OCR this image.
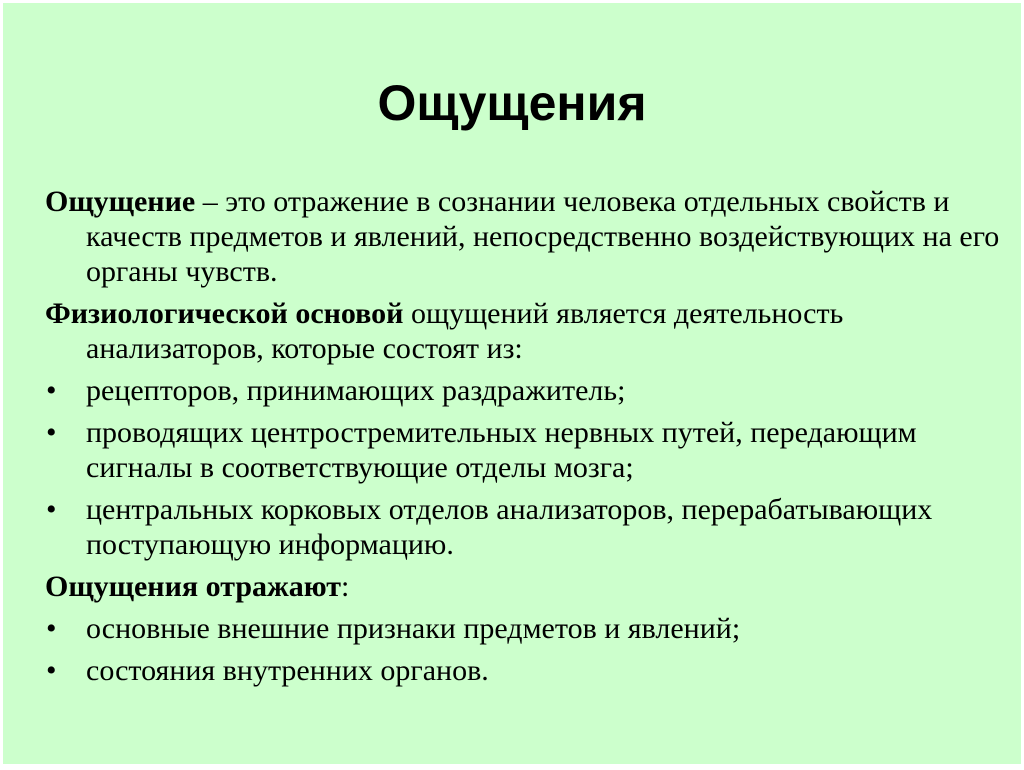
Ощущения

Ощущение – это отражение в сознании человека отдельных свойств и качеств предметов и явлений, непосредственно воздействующих на его органы чувств.

Физиологической основой ощущений является деятельность анализаторов, которые состоят из:

• рецепторов, принимающих раздражитель;
• проводящих центростремительных нервных путей, передающим сигналы в соответствующие отделы мозга;
• центральных корковых отделов анализаторов, перерабатывающих поступающую информацию.

Ощущения отражают:

• основные внешние признаки предметов и явлений;
• состояния внутренних органов.
